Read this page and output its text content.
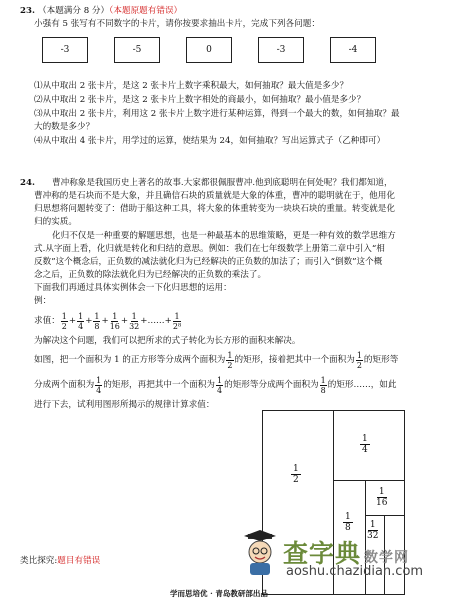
23. （本题满分 8 分）（本题原题有错误）
小强有 5 张写有不同数字的卡片，请你按要求抽出卡片，完成下列各问题：
-3	-5	0	-3	-4
⑴从中取出 2 张卡片，是这 2 张卡片上数字乘积最大，如何抽取？最大值是多少？
⑵从中取出 2 张卡片，是这 2 张卡片上数字相处的商最小，如何抽取？最小值是多少？
⑶从中取出 2 张卡片，利用这 2 张卡片上数字进行某种运算，得到一个最大的数，如何抽取？最
大的数是多少？
⑷从中取出 4 张卡片，用学过的运算，使结果为 24，如何抽取？写出运算式子（乙种即可）
24. 曹冲称象是我国历史上著名的故事.大家都很佩服曹冲.他到底聪明在何处呢？我们都知道，
曹冲称的是石块而不是大象，并且确信石块的质量就是大象的体重，曹冲的聪明就在于，他用化
归思想将问题转变了：借助于船这种工具，将大象的体重转变为一块块石块的重量。转变就是化
归的实质。
化归不仅是一种重要的解题思想，也是一种最基本的思维策略，更是一种有效的数学思维方
式.从字面上看，化归就是转化和归结的意思。例如：我们在七年级数学上册第二章中引入“相
反数”这个概念后，正负数的减法就化归为已经解决的正负数的加法了；而引入“倒数”这个概
念之后，正负数的除法就化归为已经解决的正负数的乘法了。
下面我们再通过具体实例体会一下化归思想的运用：
例：
求值： $\frac{1}{2} + \frac{1}{4} + \frac{1}{8} + \frac{1}{16} + \frac{1}{32}$ +……+ $\frac{1}{\text{2⁸}}$
为解决这个问题，我们可以把所求的式子转化为长方形的面积来解决。
如图，把一个面积为 1 的正方形等分成两个面积为 $\frac{1}{2}$ 的矩形，接着把其中一个面积为 $\frac{1}{2}$ 的矩形等
分成两个面积为 $\frac{1}{4}$ 的矩形，再把其中一个面积为 $\frac{1}{4}$ 的矩形等分成两个面积为 $\frac{1}{8}$ 的矩形……，如此
进行下去，试利用图形所揭示的规律计算求值：
1
2
1
4
1
8
1
16
1
32
类比探究:题目有错误	查字典 数学网
aoshu.chazidian.com
学而思培优 · 青岛教研部出品
